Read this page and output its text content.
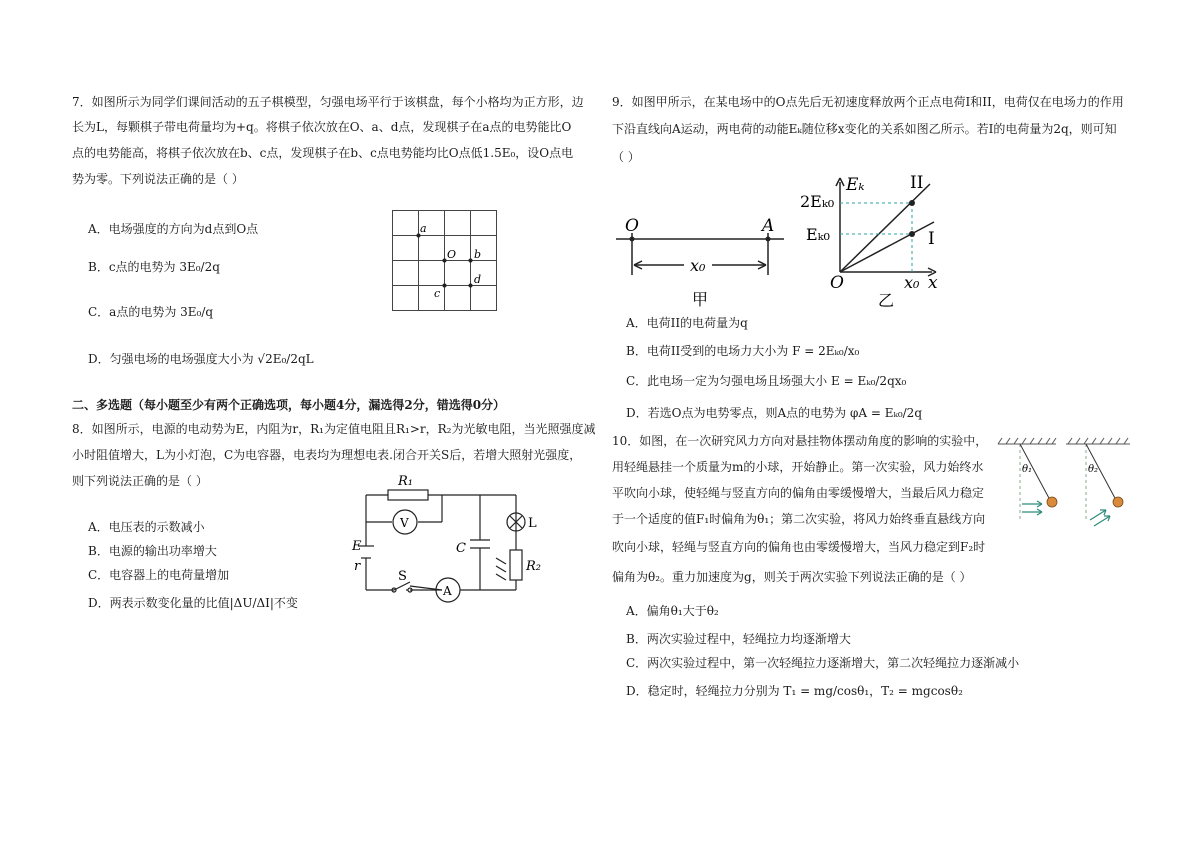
7．如图所示为同学们课间活动的五子棋模型，匀强电场平行于该棋盘，每个小格均为正方形，边
长为L，每颗棋子带电荷量均为+q。将棋子依次放在O、a、d点，发现棋子在a点的电势能比O
点的电势能高，将棋子依次放在b、c点，发现棋子在b、c点电势能均比O点低1.5E₀，设O点电
势为零。下列说法正确的是（ ）
A．电场强度的方向为d点到O点
B．c点的电势为 3E₀/2q
C．a点的电势为 3E₀/q
D．匀强电场的电场强度大小为 √2E₀/2qL
a
O b
c
d
二、多选题（每小题至少有两个正确选项，每小题4分，漏选得2分，错选得0分）
8．如图所示，电源的电动势为E，内阻为r，R₁为定值电阻且R₁>r，R₂为光敏电阻，当光照强度减
小时阻值增大，L为小灯泡，C为电容器，电表均为理想电表.闭合开关S后，若增大照射光强度，
则下列说法正确的是（ ）
A．电压表的示数减小
B．电源的输出功率增大
C．电容器上的电荷量增加
D．两表示数变化量的比值|ΔU/ΔI|不变
R₁
V
E
r
C
L
R₂
S
A
9．如图甲所示，在某电场中的O点先后无初速度释放两个正点电荷I和II，电荷仅在电场力的作用
下沿直线向A运动，两电荷的动能Eₖ随位移x变化的关系如图乙所示。若I的电荷量为2q，则可知
（ ）
O	A
x₀
甲
Eₖ
2Eₖ₀
Eₖ₀
II
I
O	x₀ x
乙
A．电荷II的电荷量为q
B．电荷II受到的电场力大小为 F = 2Eₖ₀/x₀
C．此电场一定为匀强电场且场强大小 E = Eₖ₀/2qx₀
D．若选O点为电势零点，则A点的电势为 φA = Eₖ₀/2q
10．如图，在一次研究风力方向对悬挂物体摆动角度的影响的实验中，
用轻绳悬挂一个质量为m的小球，开始静止。第一次实验，风力始终水
平吹向小球，使轻绳与竖直方向的偏角由零缓慢增大，当最后风力稳定
于一个适度的值F₁时偏角为θ₁；第二次实验，将风力始终垂直悬线方向
吹向小球，轻绳与竖直方向的偏角也由零缓慢增大，当风力稳定到F₂时
偏角为θ₂。重力加速度为g，则关于两次实验下列说法正确的是（ ）
θ₁	θ₂
A．偏角θ₁大于θ₂
B．两次实验过程中，轻绳拉力均逐渐增大
C．两次实验过程中，第一次轻绳拉力逐渐增大，第二次轻绳拉力逐渐减小
D．稳定时，轻绳拉力分别为 T₁ = mg/cosθ₁，T₂ = mgcosθ₂
